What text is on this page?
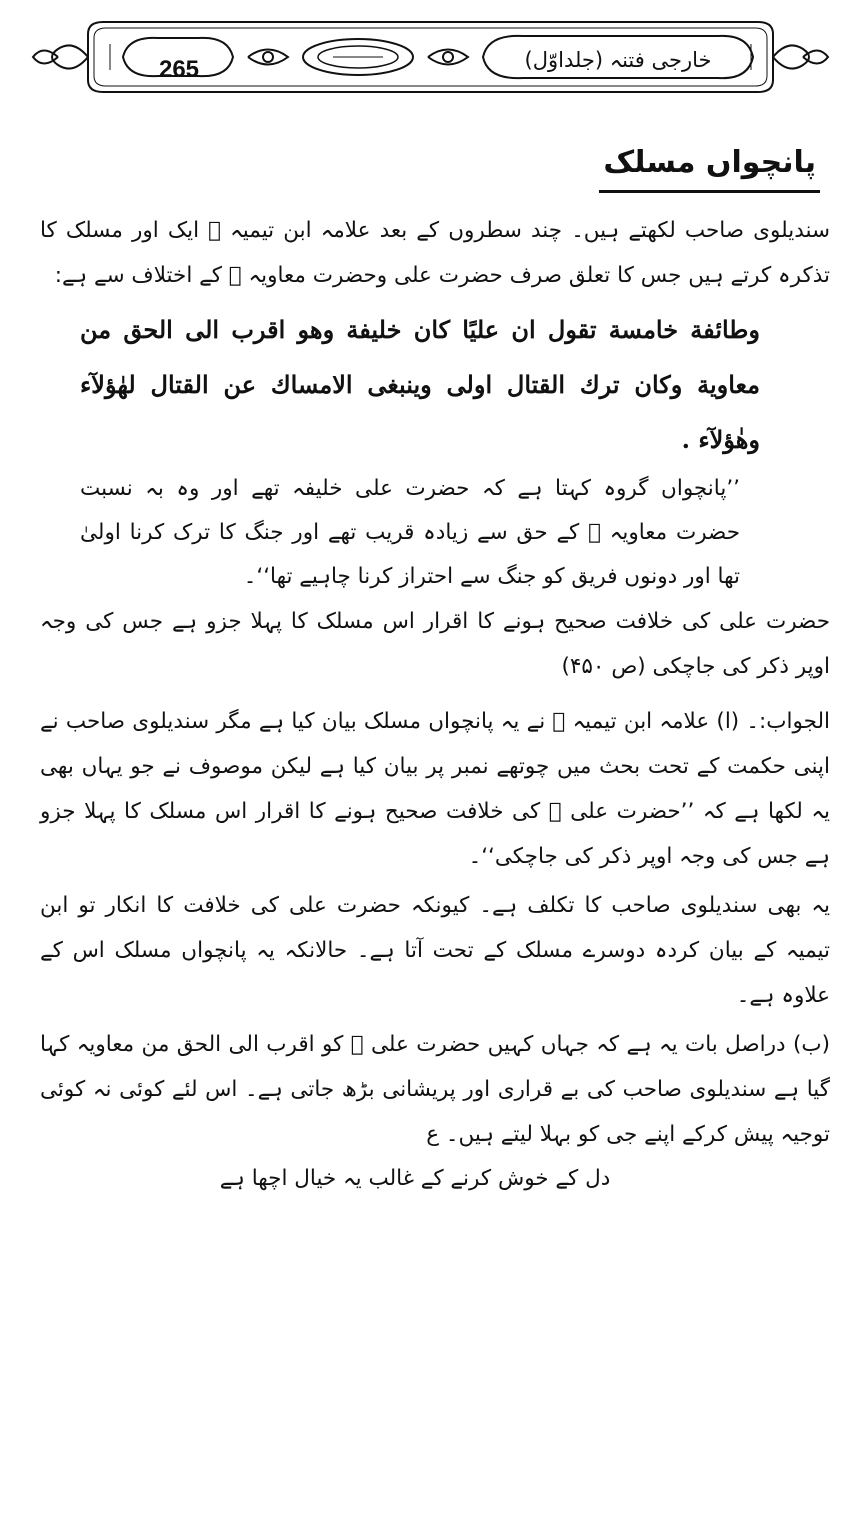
265	خارجی فتنہ (جلداوّل)
پانچواں مسلک

سندیلوی صاحب لکھتے ہیں۔ چند سطروں کے بعد علامہ ابن تیمیہ ﷫ ایک اور مسلک کا تذکرہ کرتے ہیں جس کا تعلق صرف حضرت علی وحضرت معاویہ ﷠ کے اختلاف سے ہے:

وطائفة خامسة تقول ان عليًا كان خليفة وهو اقرب الى الحق من معاوية وكان ترك القتال اولى وينبغى الامساك عن القتال لهٰؤلآء وهٰؤلآء .

’’پانچواں گروہ کہتا ہے کہ حضرت علی خلیفہ تھے اور وہ بہ نسبت حضرت معاویہ ﷜ کے حق سے زیادہ قریب تھے اور جنگ کا ترک کرنا اولیٰ تھا اور دونوں فریق کو جنگ سے احتراز کرنا چاہیے تھا‘‘۔

حضرت علی کی خلافت صحیح ہونے کا اقرار اس مسلک کا پہلا جزو ہے جس کی وجہ اوپر ذکر کی جاچکی (ص ۴۵۰)

الجواب:۔ (ا) علامہ ابن تیمیہ ﷫ نے یہ پانچواں مسلک بیان کیا ہے مگر سندیلوی صاحب نے اپنی حکمت کے تحت بحث میں چوتھے نمبر پر بیان کیا ہے لیکن موصوف نے جو یہاں بھی یہ لکھا ہے کہ ’’حضرت علی ﷜ کی خلافت صحیح ہونے کا اقرار اس مسلک کا پہلا جزو ہے جس کی وجہ اوپر ذکر کی جاچکی‘‘۔

یہ بھی سندیلوی صاحب کا تکلف ہے۔ کیونکہ حضرت علی کی خلافت کا انکار تو ابن تیمیہ کے بیان کردہ دوسرے مسلک کے تحت آتا ہے۔ حالانکہ یہ پانچواں مسلک اس کے علاوہ ہے۔

(ب) دراصل بات یہ ہے کہ جہاں کہیں حضرت علی ﷜ کو اقرب الی الحق من معاویہ کہا گیا ہے سندیلوی صاحب کی بے قراری اور پریشانی بڑھ جاتی ہے۔ اس لئے کوئی نہ کوئی توجیہ پیش کرکے اپنے جی کو بہلا لیتے ہیں۔ ع

دل کے خوش کرنے کے غالب یہ خیال اچھا ہے
